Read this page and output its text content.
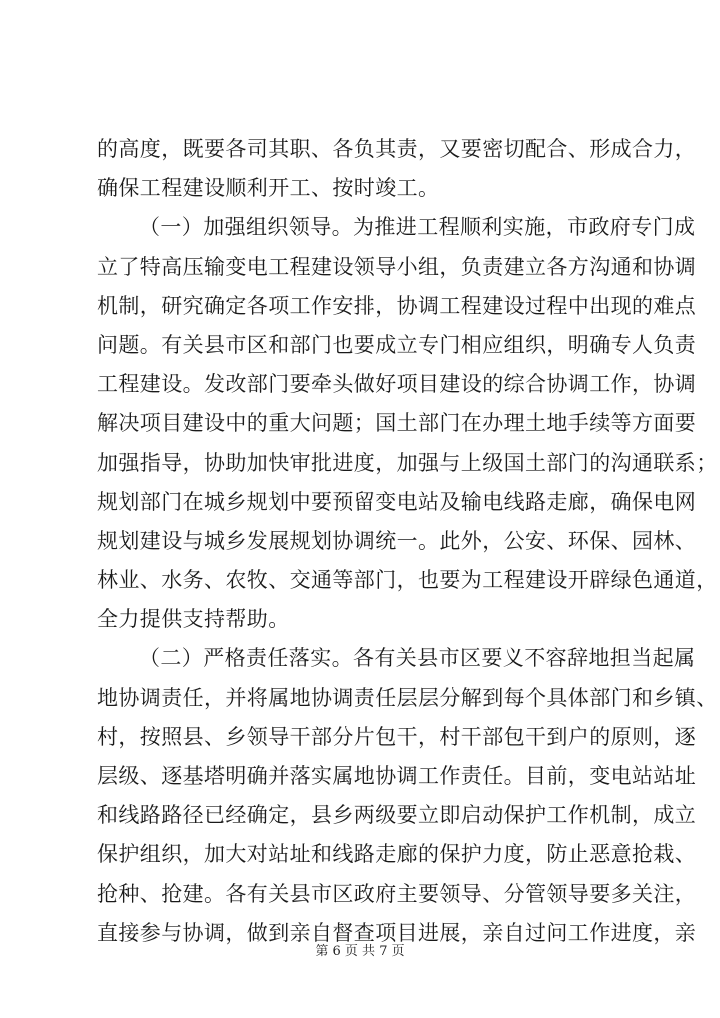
的高度，既要各司其职、各负其责，又要密切配合、形成合力，
确保工程建设顺利开工、按时竣工。
（一）加强组织领导。为推进工程顺利实施，市政府专门成
立了特高压输变电工程建设领导小组，负责建立各方沟通和协调
机制，研究确定各项工作安排，协调工程建设过程中出现的难点
问题。有关县市区和部门也要成立专门相应组织，明确专人负责
工程建设。发改部门要牵头做好项目建设的综合协调工作，协调
解决项目建设中的重大问题；国土部门在办理土地手续等方面要
加强指导，协助加快审批进度，加强与上级国土部门的沟通联系；
规划部门在城乡规划中要预留变电站及输电线路走廊，确保电网
规划建设与城乡发展规划协调统一。此外，公安、环保、园林、
林业、水务、农牧、交通等部门，也要为工程建设开辟绿色通道，
全力提供支持帮助。
（二）严格责任落实。各有关县市区要义不容辞地担当起属
地协调责任，并将属地协调责任层层分解到每个具体部门和乡镇、
村，按照县、乡领导干部分片包干，村干部包干到户的原则，逐
层级、逐基塔明确并落实属地协调工作责任。目前，变电站站址
和线路路径已经确定，县乡两级要立即启动保护工作机制，成立
保护组织，加大对站址和线路走廊的保护力度，防止恶意抢栽、
抢种、抢建。各有关县市区政府主要领导、分管领导要多关注，
直接参与协调，做到亲自督查项目进展，亲自过问工作进度，亲
第 6 页 共 7 页
